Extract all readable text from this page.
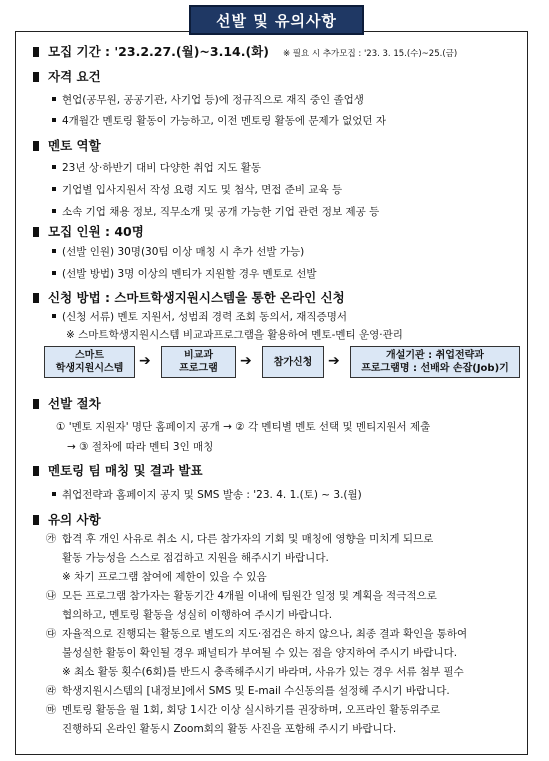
선발 및 유의사항
모집 기간 : '23.2.27.(월)~3.14.(화) ※ 필요 시 추가모집 : '23. 3. 15.(수)~25.(금)
자격 요건
현업(공무원, 공공기관, 사기업 등)에 정규직으로 재직 중인 졸업생
4개월간 멘토링 활동이 가능하고, 이전 멘토링 활동에 문제가 없었던 자
멘토 역할
23년 상·하반기 대비 다양한 취업 지도 활동
기업별 입사지원서 작성 요령 지도 및 첨삭, 면접 준비 교육 등
소속 기업 채용 정보, 직무소개 및 공개 가능한 기업 관련 정보 제공 등
모집 인원 : 40명
(선발 인원) 30명(30팀 이상 매칭 시 추가 선발 가능)
(선발 방법) 3명 이상의 멘티가 지원할 경우 멘토로 선발
신청 방법 : 스마트학생지원시스템을 통한 온라인 신청
(신청 서류) 멘토 지원서, 성범죄 경력 조회 동의서, 재직증명서
※ 스마트학생지원시스템 비교과프로그램을 활용하여 멘토-멘티 운영·관리
스마트
학생지원시스템	➔	비교과
프로그램	➔	참가신청	➔	개설기관 : 취업전략과
프로그램명 : 선배와 손잡(Job)기
선발 절차
① '멘토 지원자' 명단 홈페이지 공개 → ② 각 멘티별 멘토 선택 및 멘티지원서 제출
→ ③ 절차에 따라 멘티 3인 매칭
멘토링 팀 매칭 및 결과 발표
취업전략과 홈페이지 공지 및 SMS 발송 : '23. 4. 1.(토) ~ 3.(월)
유의 사항
㉮ 합격 후 개인 사유로 취소 시, 다른 참가자의 기회 및 매칭에 영향을 미치게 되므로
활동 가능성을 스스로 점검하고 지원을 해주시기 바랍니다.
※ 차기 프로그램 참여에 제한이 있을 수 있음
㉯ 모든 프로그램 참가자는 활동기간 4개월 이내에 팀원간 일정 및 계획을 적극적으로
협의하고, 멘토링 활동을 성실히 이행하여 주시기 바랍니다.
㉰ 자율적으로 진행되는 활동으로 별도의 지도·점검은 하지 않으나, 최종 결과 확인을 통하여
불성실한 활동이 확인될 경우 패널티가 부여될 수 있는 점을 양지하여 주시기 바랍니다.
※ 최소 활동 횟수(6회)를 반드시 충족해주시기 바라며, 사유가 있는 경우 서류 첨부 필수
㉱ 학생지원시스템의 [내정보]에서 SMS 및 E-mail 수신동의를 설정해 주시기 바랍니다.
㉲ 멘토링 활동을 월 1회, 회당 1시간 이상 실시하기를 권장하며, 오프라인 활동위주로
진행하되 온라인 활동시 Zoom회의 활동 사진을 포함해 주시기 바랍니다.
